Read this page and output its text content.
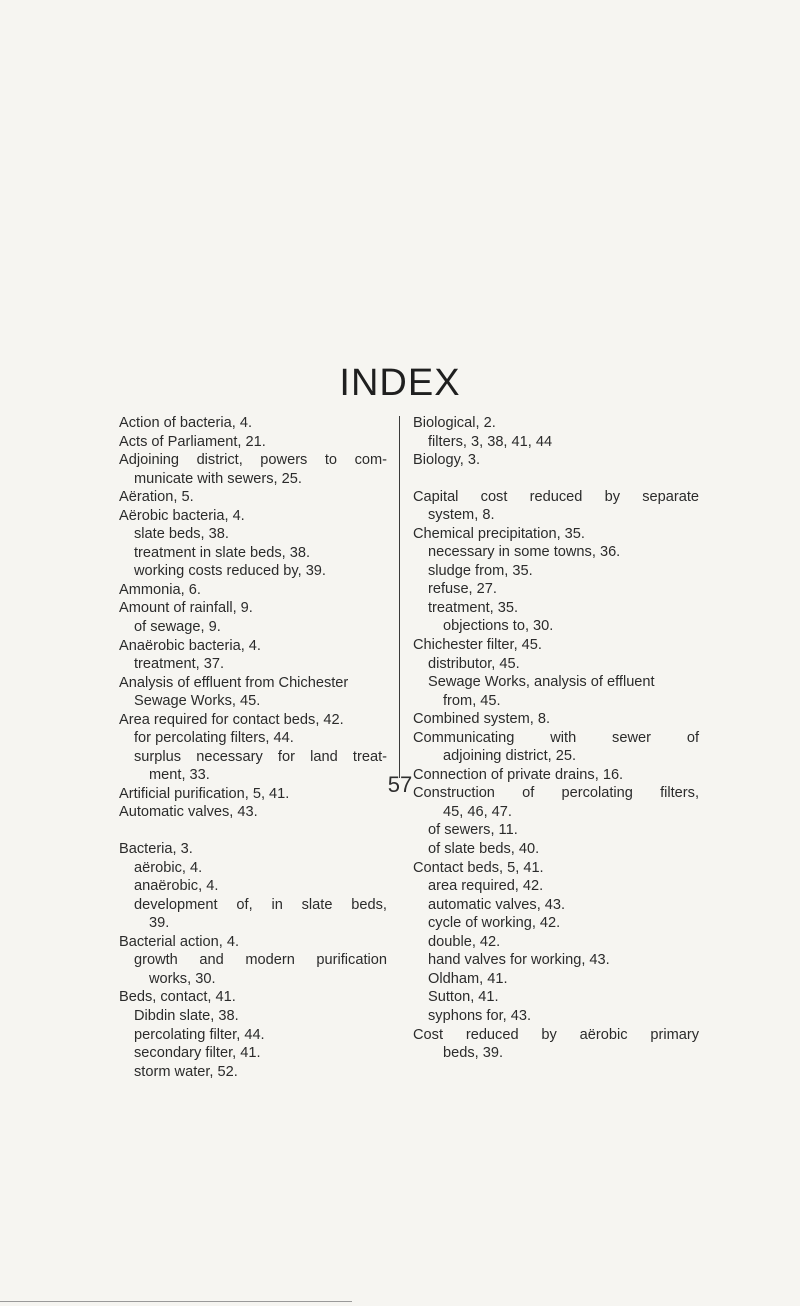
INDEX
Action of bacteria, 4.
Acts of Parliament, 21.
Adjoining district, powers to com-
municate with sewers, 25.
Aëration, 5.
Aërobic bacteria, 4.
slate beds, 38.
treatment in slate beds, 38.
working costs reduced by, 39.
Ammonia, 6.
Amount of rainfall, 9.
of sewage, 9.
Anaërobic bacteria, 4.
treatment, 37.
Analysis of effluent from Chichester
Sewage Works, 45.
Area required for contact beds, 42.
for percolating filters, 44.
surplus necessary for land treat-
ment, 33.
Artificial purification, 5, 41.
Automatic valves, 43.
Bacteria, 3.
aërobic, 4.
anaërobic, 4.
development of, in slate beds,
39.
Bacterial action, 4.
growth and modern purification
works, 30.
Beds, contact, 41.
Dibdin slate, 38.
percolating filter, 44.
secondary filter, 41.
storm water, 52.
Biological, 2.
filters, 3, 38, 41, 44
Biology, 3.
Capital cost reduced by separate
system, 8.
Chemical precipitation, 35.
necessary in some towns, 36.
sludge from, 35.
refuse, 27.
treatment, 35.
objections to, 30.
Chichester filter, 45.
distributor, 45.
Sewage Works, analysis of effluent
from, 45.
Combined system, 8.
Communicating with sewer of
adjoining district, 25.
Connection of private drains, 16.
Construction of percolating filters,
45, 46, 47.
of sewers, 11.
of slate beds, 40.
Contact beds, 5, 41.
area required, 42.
automatic valves, 43.
cycle of working, 42.
double, 42.
hand valves for working, 43.
Oldham, 41.
Sutton, 41.
syphons for, 43.
Cost reduced by aërobic primary
beds, 39.
57
